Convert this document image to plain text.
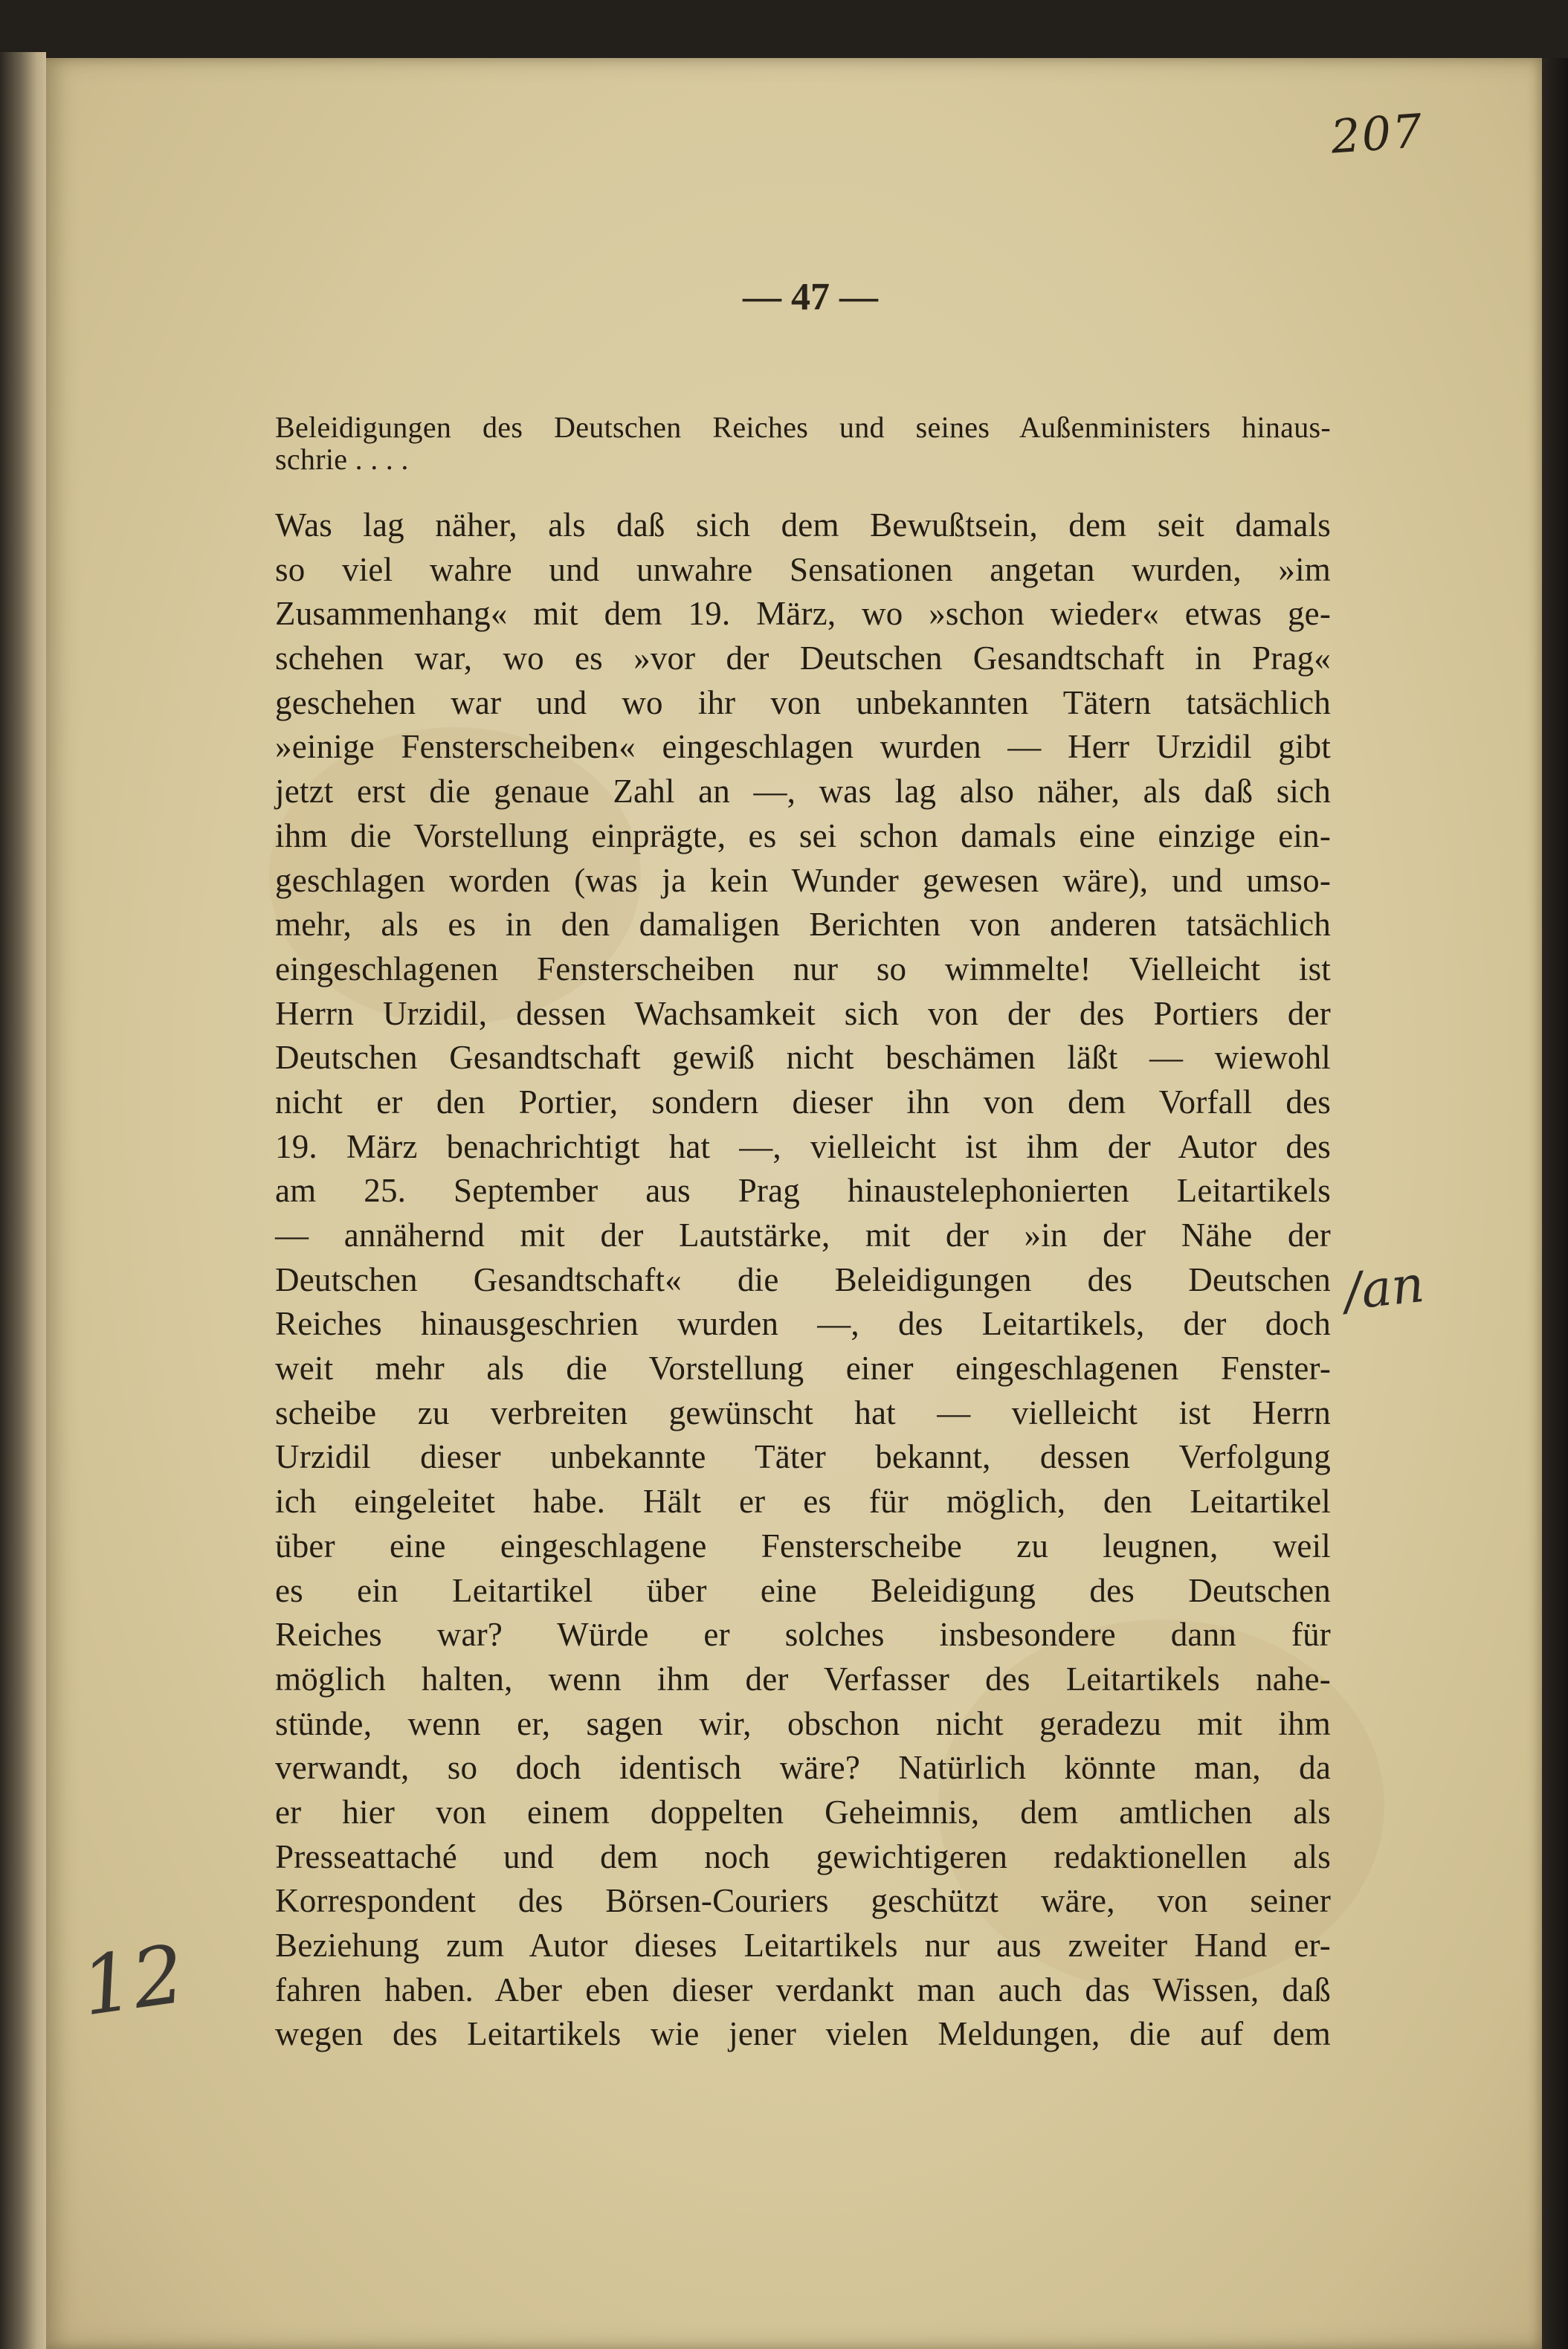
207
— 47 —
Beleidigungen des Deutschen Reiches und seines Außenministers hinaus-
schrie . . . .
Was lag näher, als daß sich dem Bewußtsein, dem seit damals
so viel wahre und unwahre Sensationen angetan wurden, »im
Zusammenhang« mit dem 19. März, wo »schon wieder« etwas ge-
schehen war, wo es »vor der Deutschen Gesandtschaft in Prag«
geschehen war und wo ihr von unbekannten Tätern tatsächlich
»einige Fensterscheiben« eingeschlagen wurden — Herr Urzidil gibt
jetzt erst die genaue Zahl an —, was lag also näher, als daß sich
ihm die Vorstellung einprägte, es sei schon damals eine einzige ein-
geschlagen worden (was ja kein Wunder gewesen wäre), und umso-
mehr, als es in den damaligen Berichten von anderen tatsächlich
eingeschlagenen Fensterscheiben nur so wimmelte! Vielleicht ist
Herrn Urzidil, dessen Wachsamkeit sich von der des Portiers der
Deutschen Gesandtschaft gewiß nicht beschämen läßt — wiewohl
nicht er den Portier, sondern dieser ihn von dem Vorfall des
19. März benachrichtigt hat —, vielleicht ist ihm der Autor des
am 25. September aus Prag hinaustelephonierten Leitartikels
— annähernd mit der Lautstärke, mit der »in der Nähe der
Deutschen Gesandtschaft« die Beleidigungen des Deutschen
Reiches hinausgeschrien wurden —, des Leitartikels, der doch
weit mehr als die Vorstellung einer eingeschlagenen Fenster-
scheibe zu verbreiten gewünscht hat — vielleicht ist Herrn
Urzidil dieser unbekannte Täter bekannt, dessen Verfolgung
ich eingeleitet habe. Hält er es für möglich, den Leitartikel
über eine eingeschlagene Fensterscheibe zu leugnen, weil
es ein Leitartikel über eine Beleidigung des Deutschen
Reiches war? Würde er solches insbesondere dann für
möglich halten, wenn ihm der Verfasser des Leitartikels nahe-
stünde, wenn er, sagen wir, obschon nicht geradezu mit ihm
verwandt, so doch identisch wäre? Natürlich könnte man, da
er hier von einem doppelten Geheimnis, dem amtlichen als
Presseattaché und dem noch gewichtigeren redaktionellen als
Korrespondent des Börsen-Couriers geschützt wäre, von seiner
Beziehung zum Autor dieses Leitartikels nur aus zweiter Hand er-
fahren haben. Aber eben dieser verdankt man auch das Wissen, daß
wegen des Leitartikels wie jener vielen Meldungen, die auf dem
/an
12
